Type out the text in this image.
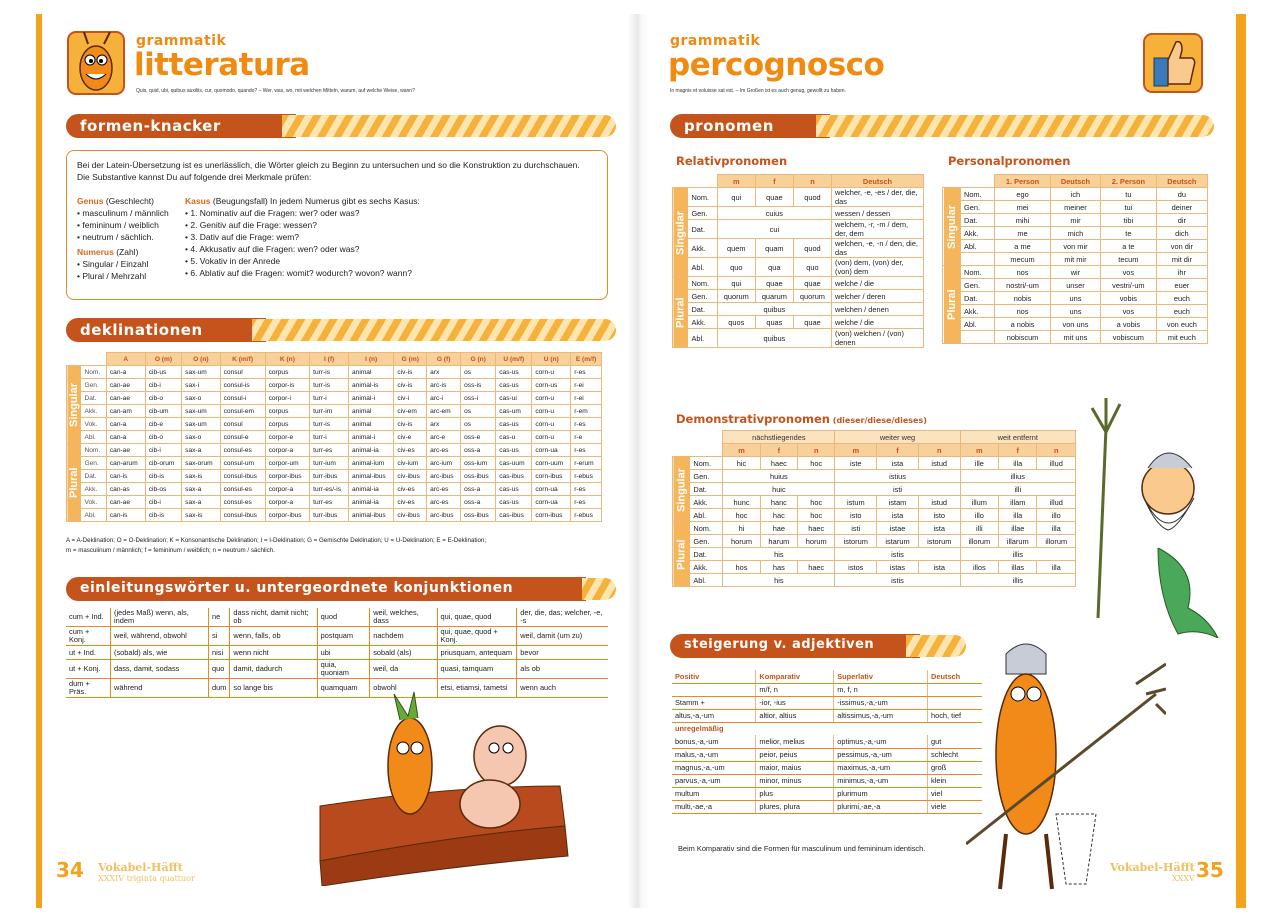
grammatik
litteratura
Quis, quid, ubi, quibus auxiliis, cur, quomodo, quando? – Wer, was, wo, mit welchen Mitteln, warum, auf welche Weise, wann?
formen-knacker
Bei der Latein-Übersetzung ist es unerlässlich, die Wörter gleich zu Beginn zu untersuchen und so die Konstruktion zu durchschauen.
Die Substantive kannst Du auf folgende drei Merkmale prüfen:
Genus (Geschlecht)
• masculinum / männlich
• femininum / weiblich
• neutrum / sächlich.
Numerus (Zahl)
• Singular / Einzahl
• Plural / Mehrzahl
Kasus (Beugungsfall) In jedem Numerus gibt es sechs Kasus:
• 1. Nominativ auf die Fragen: wer? oder was?
• 2. Genitiv auf die Frage: wessen?
• 3. Dativ auf die Frage: wem?
• 4. Akkusativ auf die Fragen: wen? oder was?
• 5. Vokativ in der Anrede
• 6. Ablativ auf die Fragen: womit? wodurch? wovon? wann?
deklinationen
		A	O (m)	O (n)	K (m/f)	K (n)	I (f)	I (n)	G (m)	G (f)	G (n)	U (m/f)	U (n)	E (m/f)
Singular	Nom.	can-a	cib-us	sax-um	consul	corpus	turr-is	animal	civ-is	arx	os	cas-us	corn-u	r-es
	Gen.	can-ae	cib-i	sax-i	consul-is	corpor-is	turr-is	animal-is	civ-is	arc-is	oss-is	cas-us	corn-us	r-ei
	Dat.	can-ae	cib-o	sax-o	consul-i	corpor-i	turr-i	animal-i	civ-i	arc-i	oss-i	cas-ui	corn-u	r-ei
	Akk.	can-am	cib-um	sax-um	consul-em	corpus	turr-im	animal	civ-em	arc-em	os	cas-um	corn-u	r-em
	Vok.	can-a	cib-e	sax-um	consul	corpus	turr-is	animal	civ-is	arx	os	cas-us	corn-u	r-es
	Abl.	can-a	cib-o	sax-o	consul-e	corpor-e	turr-i	animal-i	civ-e	arc-e	oss-e	cas-u	corn-u	r-e
Plural	Nom.	can-ae	cib-i	sax-a	consul-es	corpor-a	turr-es	animal-ia	civ-es	arc-es	oss-a	cas-us	corn-ua	r-es
	Gen.	can-arum	cib-orum	sax-orum	consul-um	corpor-um	turr-ium	animal-ium	civ-ium	arc-ium	oss-ium	cas-uum	corn-uum	r-erum
	Dat.	can-is	cib-is	sax-is	consul-ibus	corpor-ibus	turr-ibus	animal-ibus	civ-ibus	arc-ibus	oss-ibus	cas-ibus	corn-ibus	r-ebus
	Akk.	can-as	cib-os	sax-a	consul-es	corpor-a	turr-es/-is	animal-ia	civ-es	arc-es	oss-a	cas-us	corn-ua	r-es
	Vok.	can-ae	cib-i	sax-a	consul-es	corpor-a	turr-es	animal-ia	civ-es	arc-es	oss-a	cas-us	corn-ua	r-es
	Abl.	can-is	cib-is	sax-is	consul-ibus	corpor-ibus	turr-ibus	animal-ibus	civ-ibus	arc-ibus	oss-ibus	cas-ibus	corn-ibus	r-ebus
A = A-Deklination; O = O-Deklination; K = Konsonantische Deklination; I = I-Deklination; G = Gemischte Deklination; U = U-Deklination; E = E-Deklination;
m = masculinum / männlich; f = femininum / weiblich; n = neutrum / sächlich.
einleitungswörter u. untergeordnete konjunktionen
cum + Ind.	(jedes Maß) wenn, als, indem	ne	dass nicht, damit nicht; ob	quod	weil, welches, dass	qui, quae, quod	der, die, das; welcher, -e, -s
cum + Konj.	weil, während, obwohl	si	wenn, falls, ob	postquam	nachdem	qui, quae, quod + Konj.	weil, damit (um zu)
ut + Ind.	(sobald) als, wie	nisi	wenn nicht	ubi	sobald (als)	priusquam, antequam	bevor
ut + Konj.	dass, damit, sodass	quo	damit, dadurch	quia, quoniam	weil, da	quasi, tamquam	als ob
dum + Präs.	während	dum	so lange bis	quamquam	obwohl	etsi, etiamsi, tametsi	wenn auch
34 Vokabel-Häfft
XXXIV triginta quattuor
grammatik
percognosco
In magnis et voluisse sat est. – Im Großen ist es auch genug, gewollt zu haben.
pronomen
Relativpronomen
		m	f	n	Deutsch
Singular	Nom.	qui	quae	quod	welcher, -e, -es / der, die, das
	Gen.	cuius			wessen / dessen
	Dat.	cui			welchem, -r, -m / dem, der, dem
	Akk.	quem	quam	quod	welchen, -e, -n / den, die, das
	Abl.	quo	qua	quo	(von) dem, (von) der, (von) dem
Plural	Nom.	qui	quae	quae	welche / die
	Gen.	quorum	quarum	quorum	welcher / deren
	Dat.	quibus			welchen / denen
	Akk.	quos	quas	quae	welche / die
	Abl.	quibus			(von) welchen / (von) denen
Personalpronomen
		1. Person	Deutsch	2. Person	Deutsch
Singular	Nom.	ego	ich	tu	du
	Gen.	mei	meiner	tui	deiner
	Dat.	mihi	mir	tibi	dir
	Akk.	me	mich	te	dich
	Abl.	a me	von mir	a te	von dir
		mecum	mit mir	tecum	mit dir
Plural	Nom.	nos	wir	vos	ihr
	Gen.	nostri/-um	unser	vestri/-um	euer
	Dat.	nobis	uns	vobis	euch
	Akk.	nos	uns	vos	euch
	Abl.	a nobis	von uns	a vobis	von euch
		nobiscum	mit uns	vobiscum	mit euch
Demonstrativpronomen (dieser/diese/dieses)
		nächstliegendes			weiter weg			weit entfernt		
		m	f	n	m	f	n	m	f	n
Singular	Nom.	hic	haec	hoc	iste	ista	istud	ille	illa	illud
	Gen.	huius			istius			illius		
	Dat.	huic			isti			illi		
	Akk.	hunc	hanc	hoc	istum	istam	istud	illum	illam	illud
	Abl.	hoc	hac	hoc	isto	ista	isto	illo	illa	illo
Plural	Nom.	hi	hae	haec	isti	istae	ista	illi	illae	illa
	Gen.	horum	harum	horum	istorum	istarum	istorum	illorum	illarum	illorum
	Dat.	his			istis			illis		
	Akk.	hos	has	haec	istos	istas	ista	illos	illas	illa
	Abl.	his			istis			illis		
steigerung v. adjektiven
Positiv	Komparativ	Superlativ	Deutsch
	m/f, n	m, f, n	
Stamm +	-ior, -ius	-issimus,-a,-um	
altus,-a,-um	altior, altius	altissimus,-a,-um	hoch, tief
unregelmäßig			
bonus,-a,-um	melior, melius	optimus,-a,-um	gut
malus,-a,-um	peior, peius	pessimus,-a,-um	schlecht
magnus,-a,-um	maior, maius	maximus,-a,-um	groß
parvus,-a,-um	minor, minus	minimus,-a,-um	klein
multum	plus	plurimum	viel
multi,-ae,-a	plures, plura	plurimi,-ae,-a	viele
Beim Komparativ sind die Formen für masculinum und femininum identisch.
Vokabel-Häfft
XXXV 35
